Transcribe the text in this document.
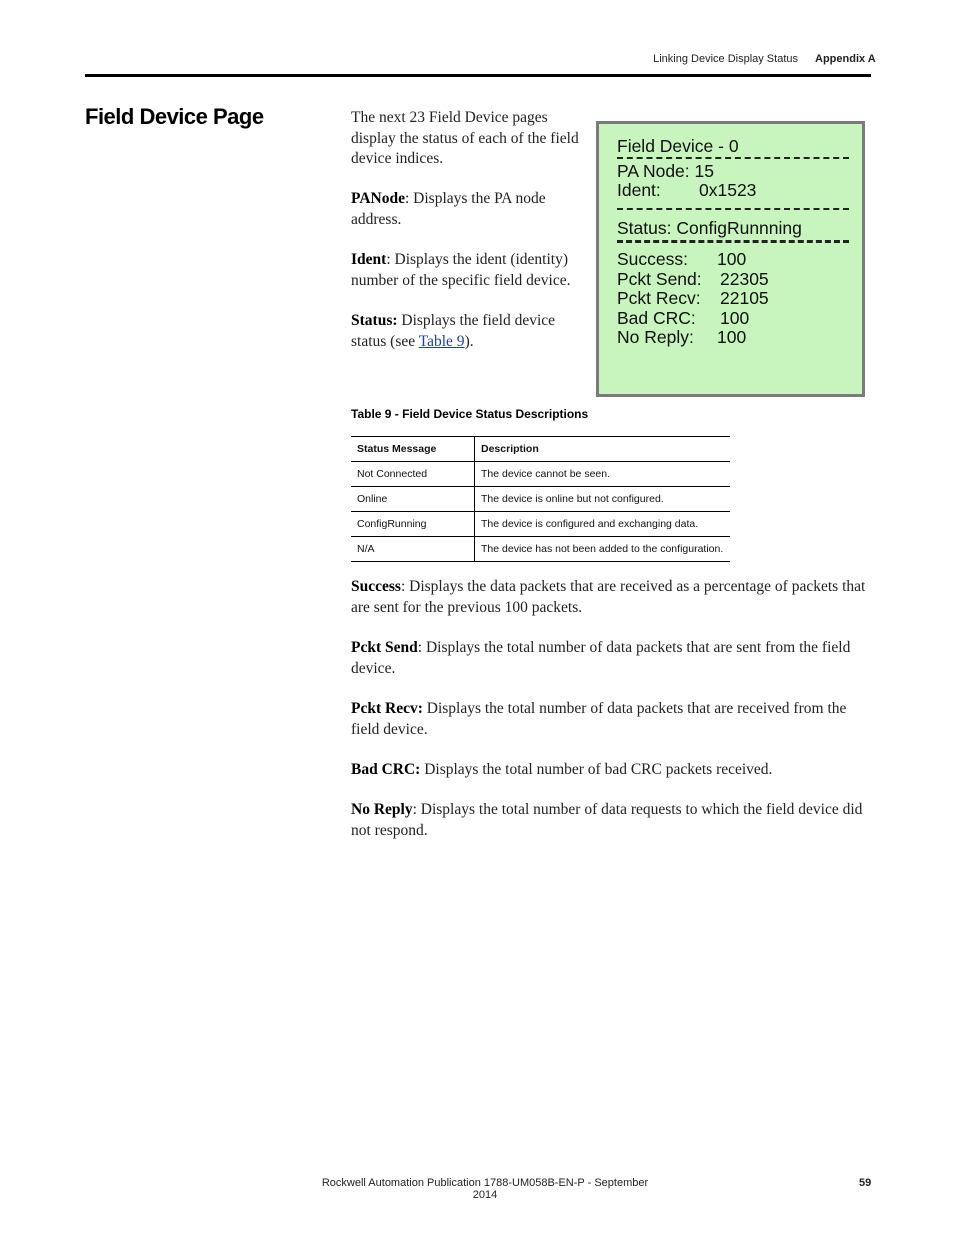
Linking Device Display Status Appendix A
Field Device Page	The next 23 Field Device pages display the status of each of the field device indices.
PANode: Displays the PA node address.
Ident: Displays the ident (identity) number of the specific field device.
Status: Displays the field device status (see Table 9).
Field Device - 0
PA Node: 15
Ident: 0x1523
Status: ConfigRunnning
Success: 100
Pckt Send: 22305
Pckt Recv: 22105
Bad CRC: 100
No Reply: 100
Table 9 - Field Device Status Descriptions
Status Message	Description
Not Connected	The device cannot be seen.
Online	The device is online but not configured.
ConfigRunning	The device is configured and exchanging data.
N/A	The device has not been added to the configuration.
Success: Displays the data packets that are received as a percentage of packets that are sent for the previous 100 packets.
Pckt Send: Displays the total number of data packets that are sent from the field device.
Pckt Recv: Displays the total number of data packets that are received from the field device.
Bad CRC: Displays the total number of bad CRC packets received.
No Reply: Displays the total number of data requests to which the field device did not respond.
Rockwell Automation Publication 1788-UM058B-EN-P - September 2014
59
